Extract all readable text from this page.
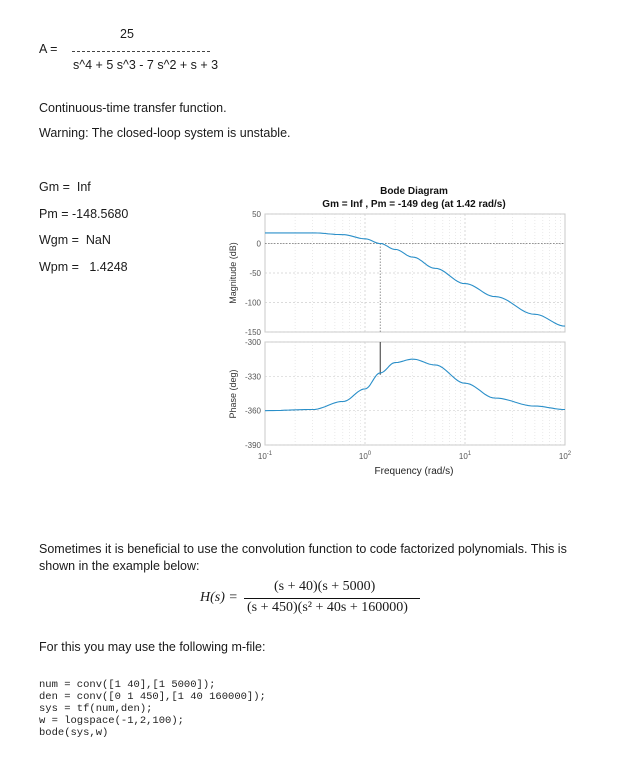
25
A =
s^4 + 5 s^3 - 7 s^2 + s + 3
Continuous-time transfer function.
Warning: The closed-loop system is unstable.
Gm = Inf
Pm = -148.5680
Wgm = NaN
Wpm = 1.4248
Bode Diagram
Gm = Inf , Pm = -149 deg (at 1.42 rad/s)
50
0
-50
-100
-150
Magnitude (dB)
-300
-330
-360
-390
Phase (deg)
$10^{-1}$	$10^0$	$10^1$	$10^2$
Frequency (rad/s)
Sometimes it is beneficial to use the convolution function to code factorized polynomials. This is
shown in the example below:
H(s) =
(s + 40)(s + 5000)
(s + 450)(s² + 40s + 160000)
For this you may use the following m-file:
num = conv([1 40],[1 5000]);
den = conv([0 1 450],[1 40 160000]);
sys = tf(num,den);
w = logspace(-1,2,100);
bode(sys,w)
